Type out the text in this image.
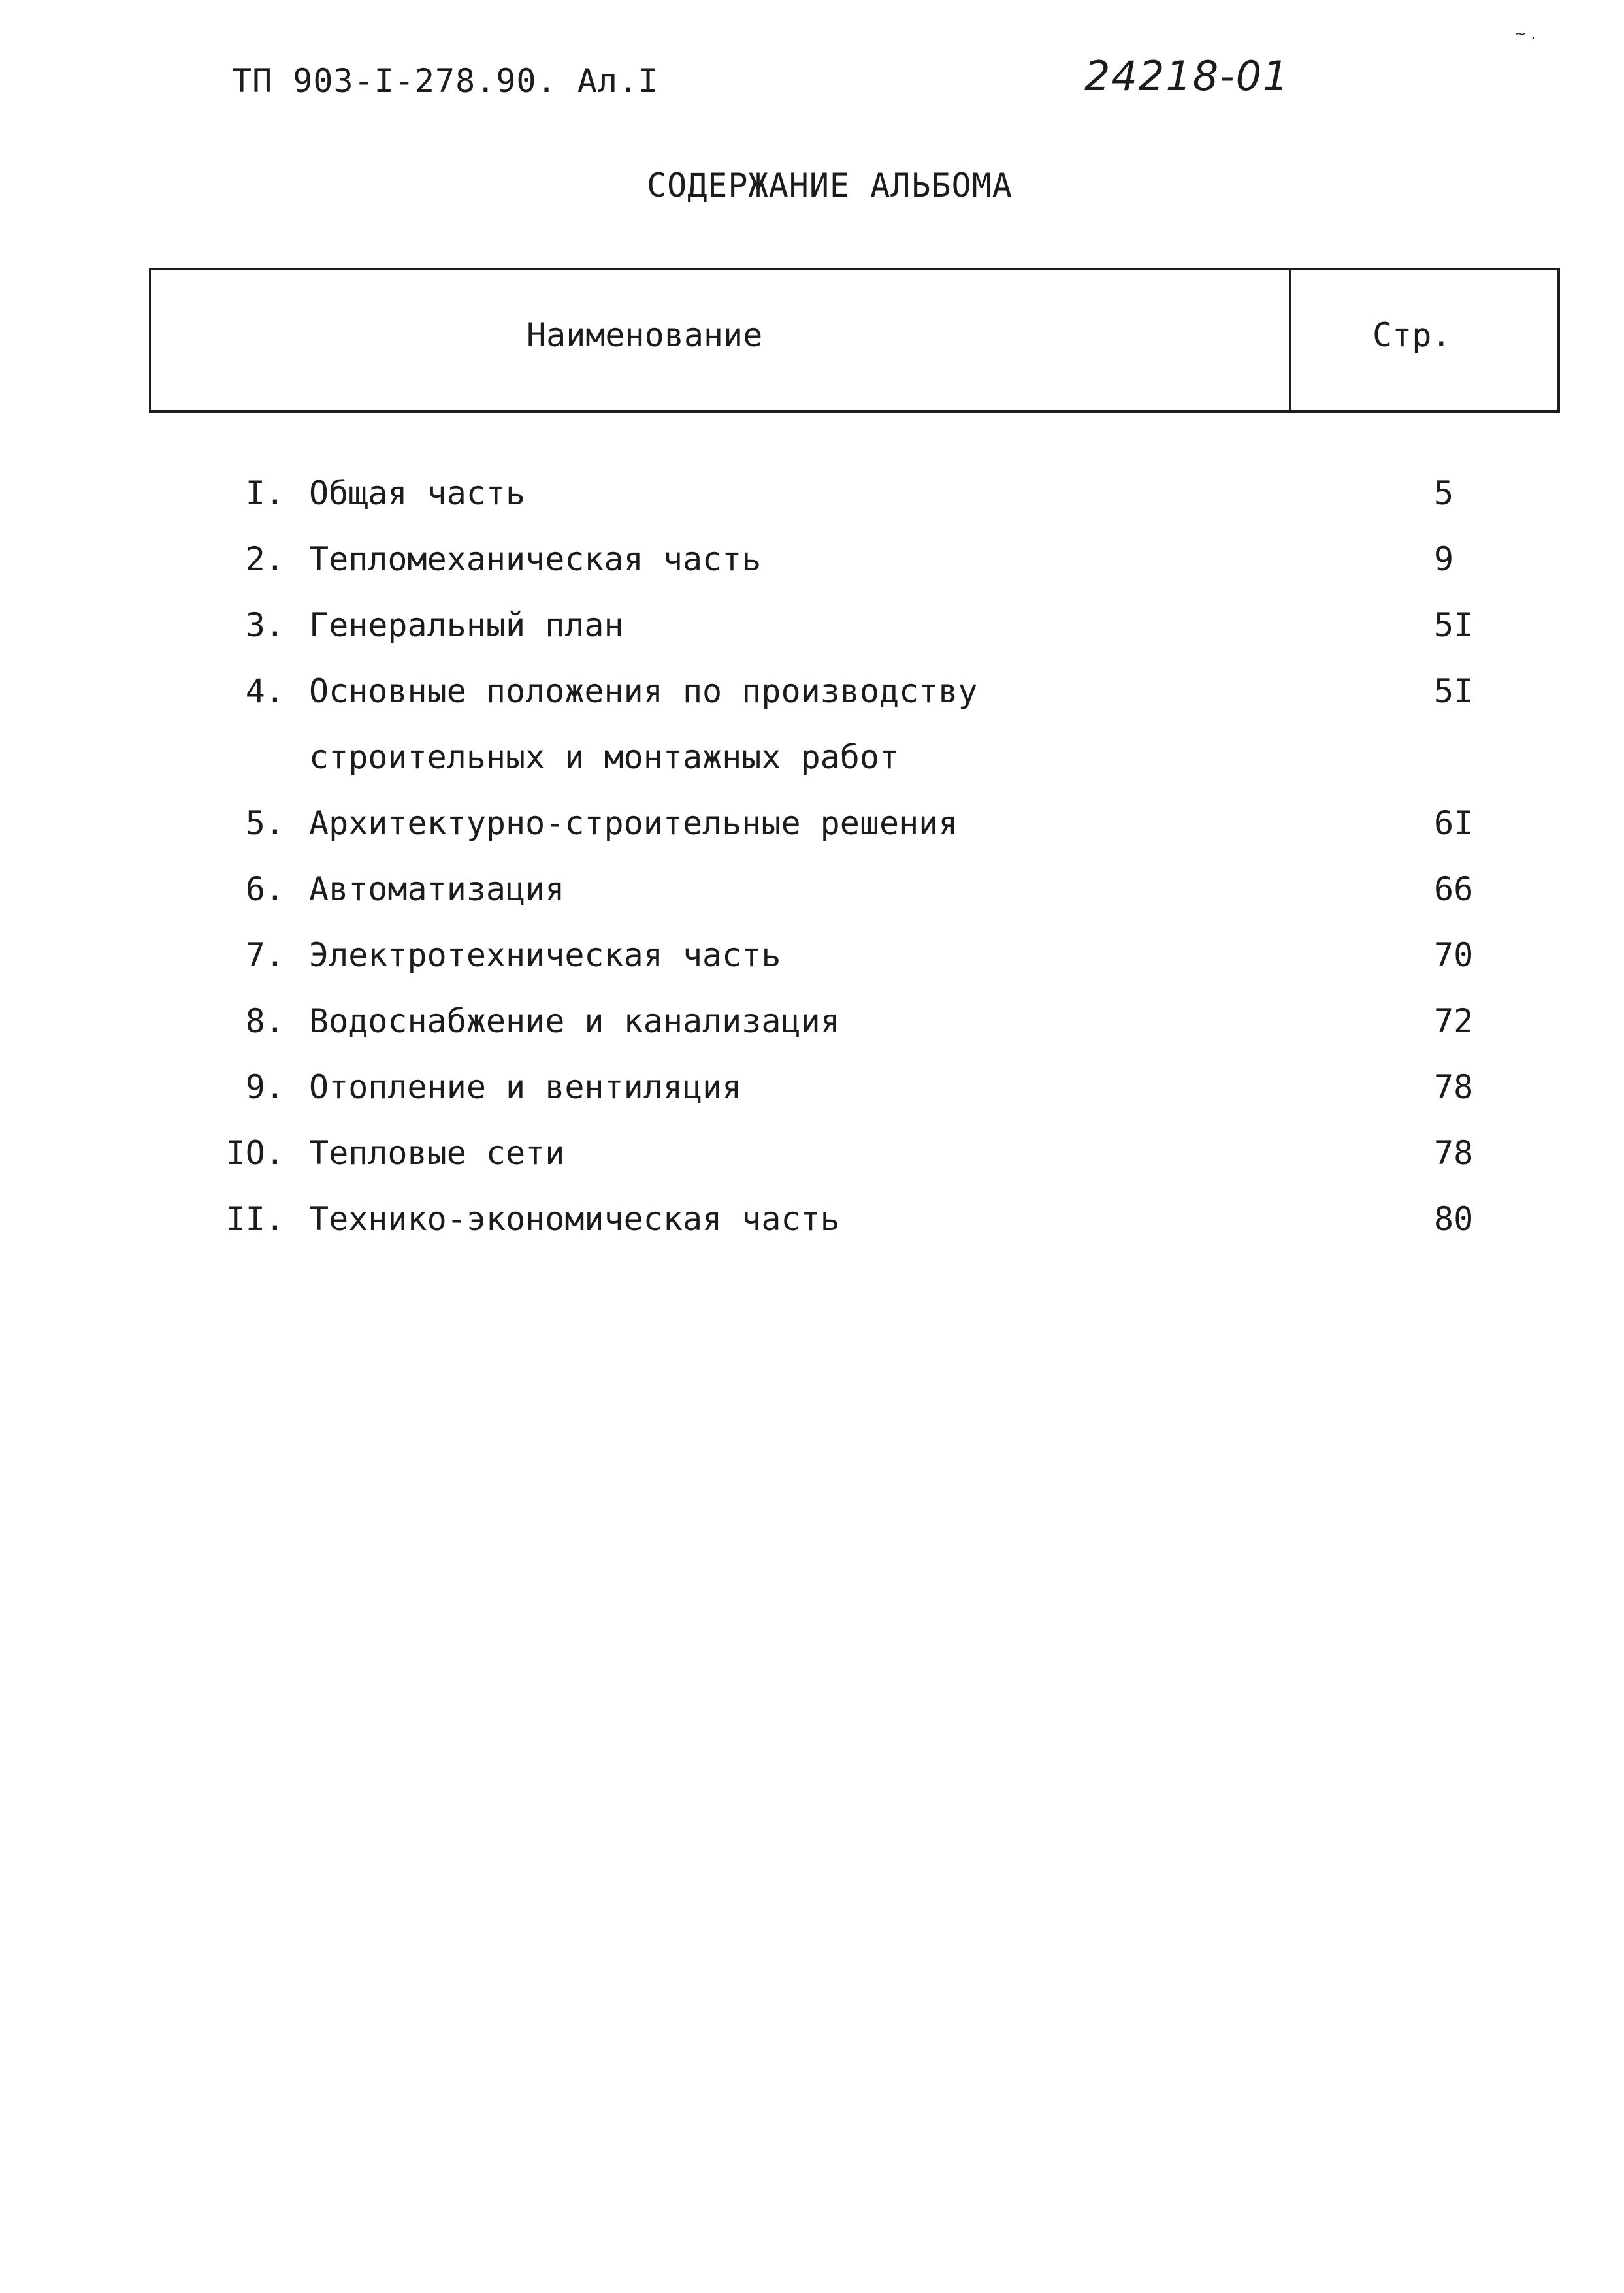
ТП 903-I-278.90. Ал.I	24218-01
~ .
СОДЕРЖАНИЕ АЛЬБОМА
Наименование	Стр.
I. Общая часть	5
2. Тепломеханическая часть	9
3. Генеральный план	5I
4. Основные положения по производству	5I
строительных и монтажных работ
5. Архитектурно-строительные решения	6I
6. Автоматизация	66
7. Электротехническая часть	70
8. Водоснабжение и канализация	72
9. Отопление и вентиляция	78
IO. Тепловые сети	78
II. Технико-экономическая часть	80
